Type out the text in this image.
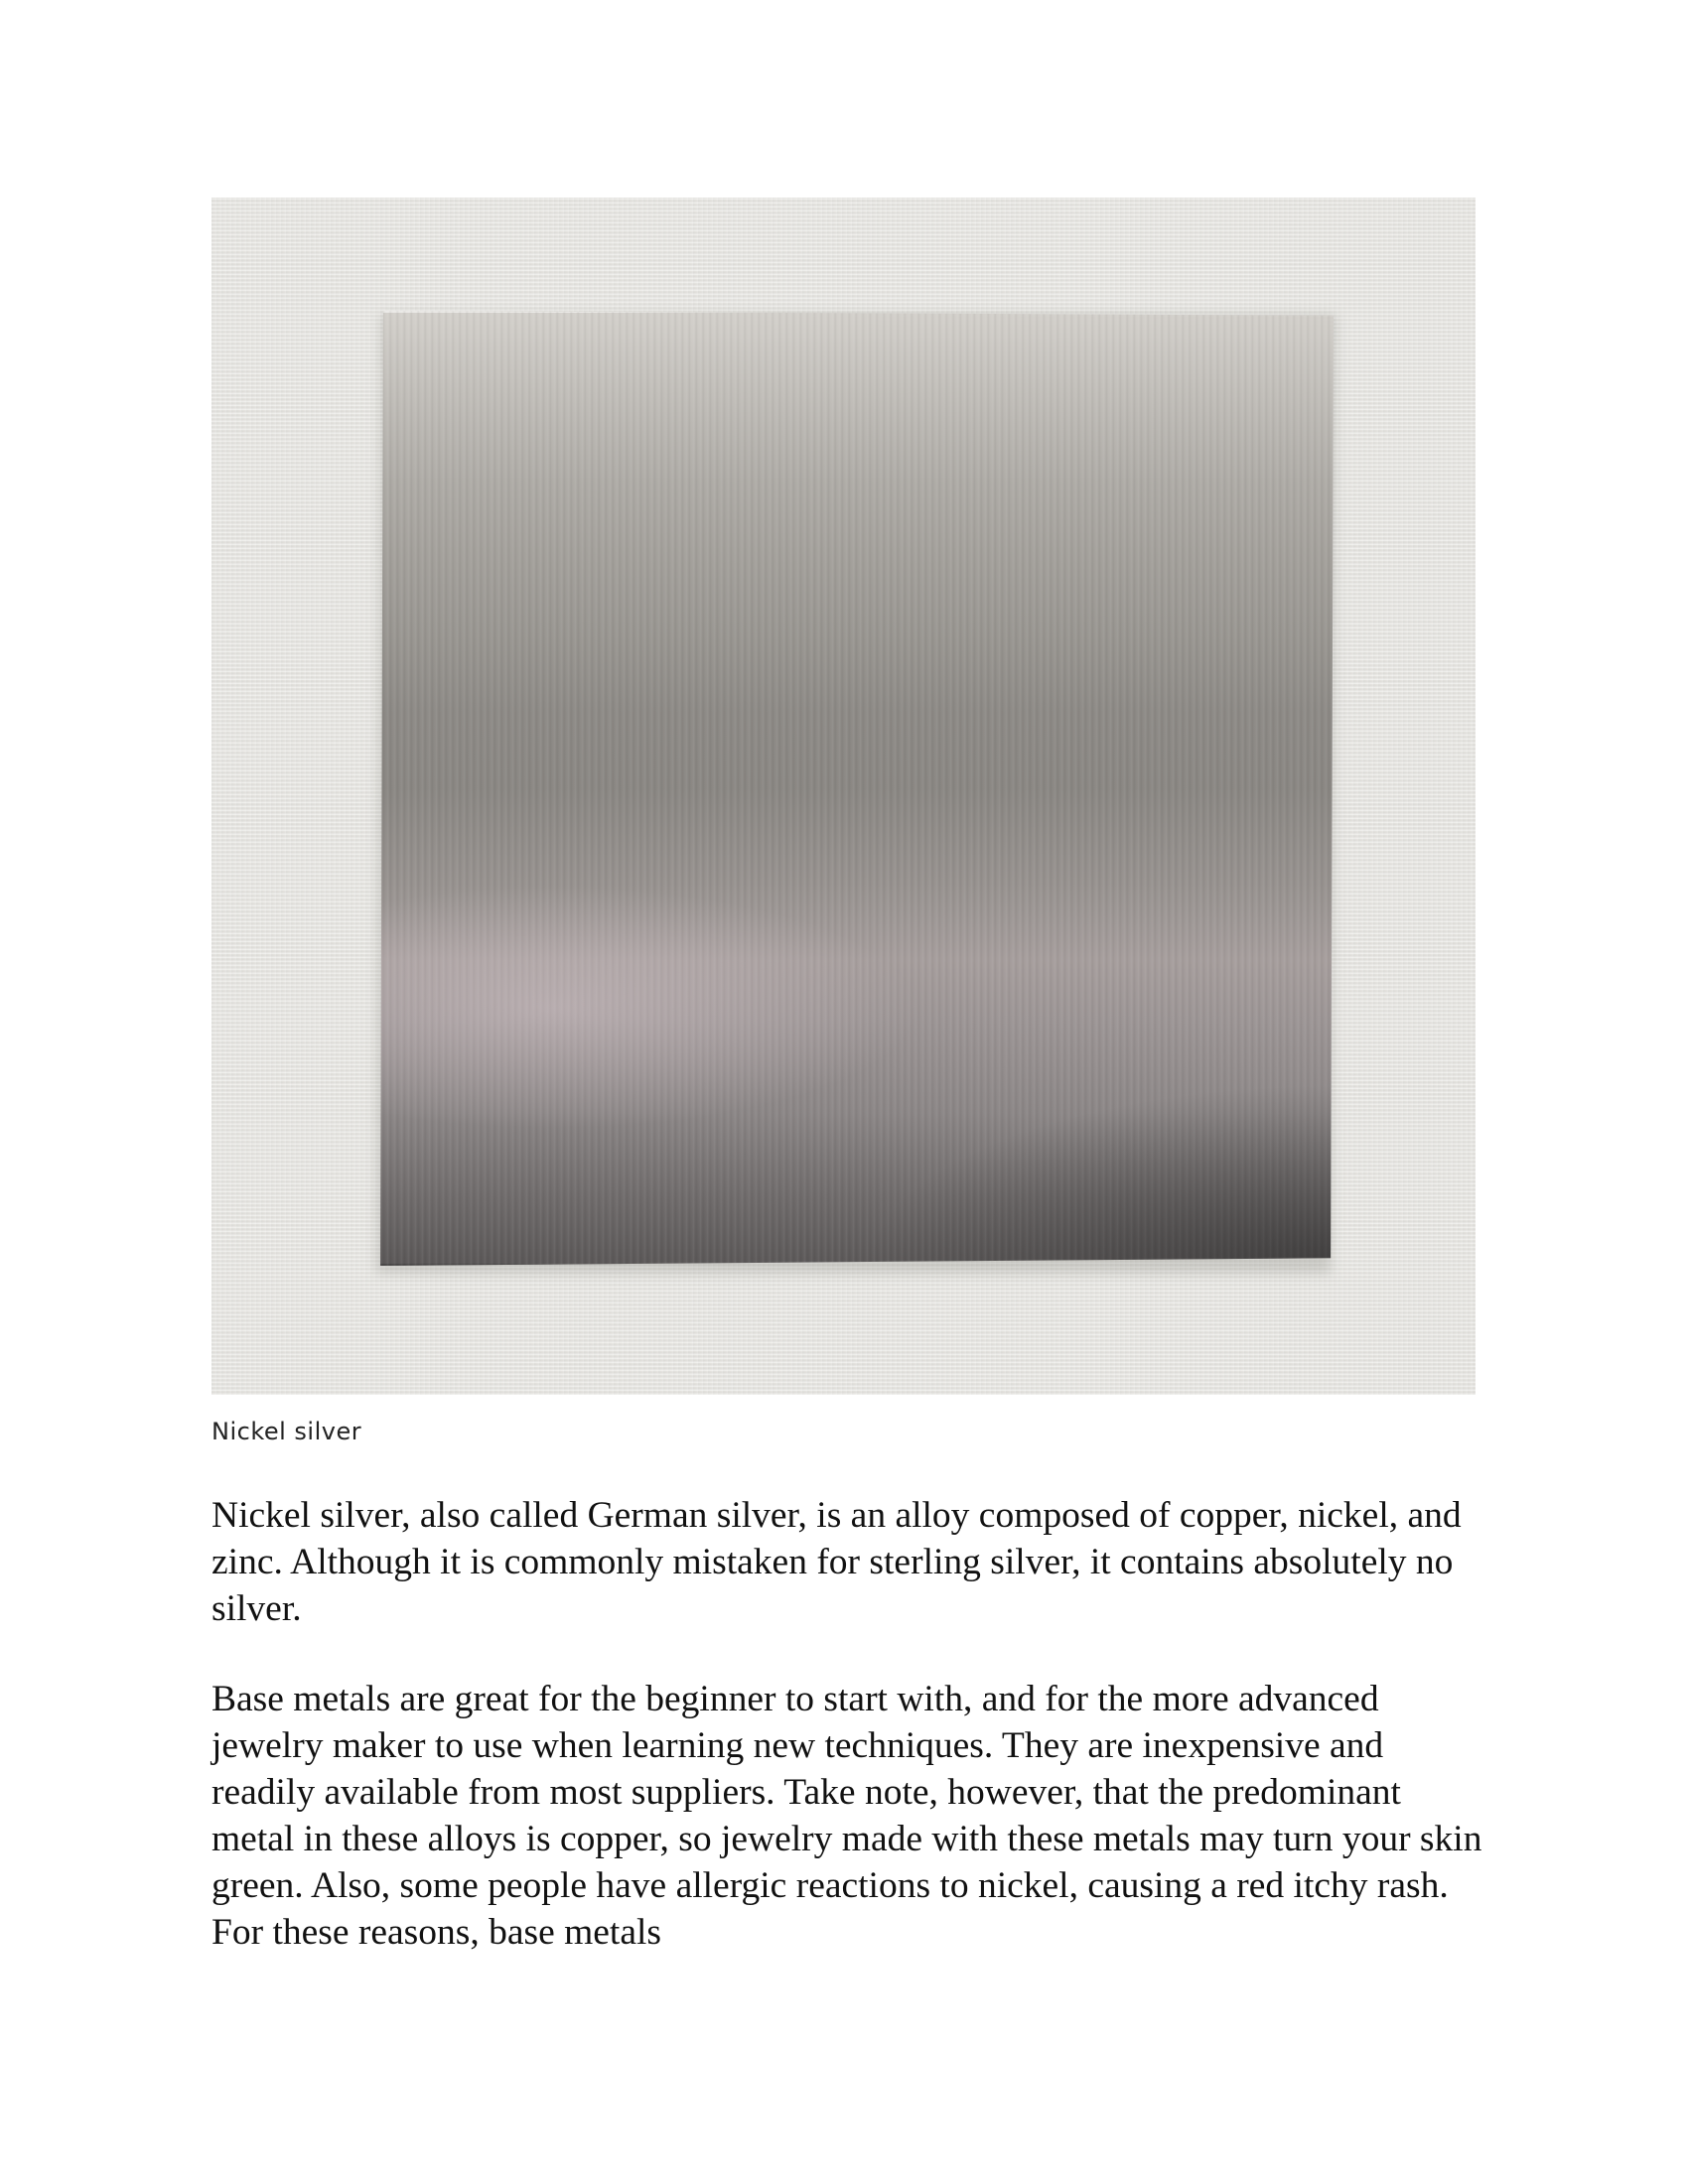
Nickel silver

Nickel silver, also called German silver, is an alloy composed of copper, nickel, and zinc. Although it is commonly mistaken for sterling silver, it contains absolutely no silver.

Base metals are great for the beginner to start with, and for the more advanced jewelry maker to use when learning new techniques. They are inexpensive and readily available from most suppliers. Take note, however, that the predominant metal in these alloys is copper, so jewelry made with these metals may turn your skin green. Also, some people have allergic reactions to nickel, causing a red itchy rash. For these reasons, base metals
